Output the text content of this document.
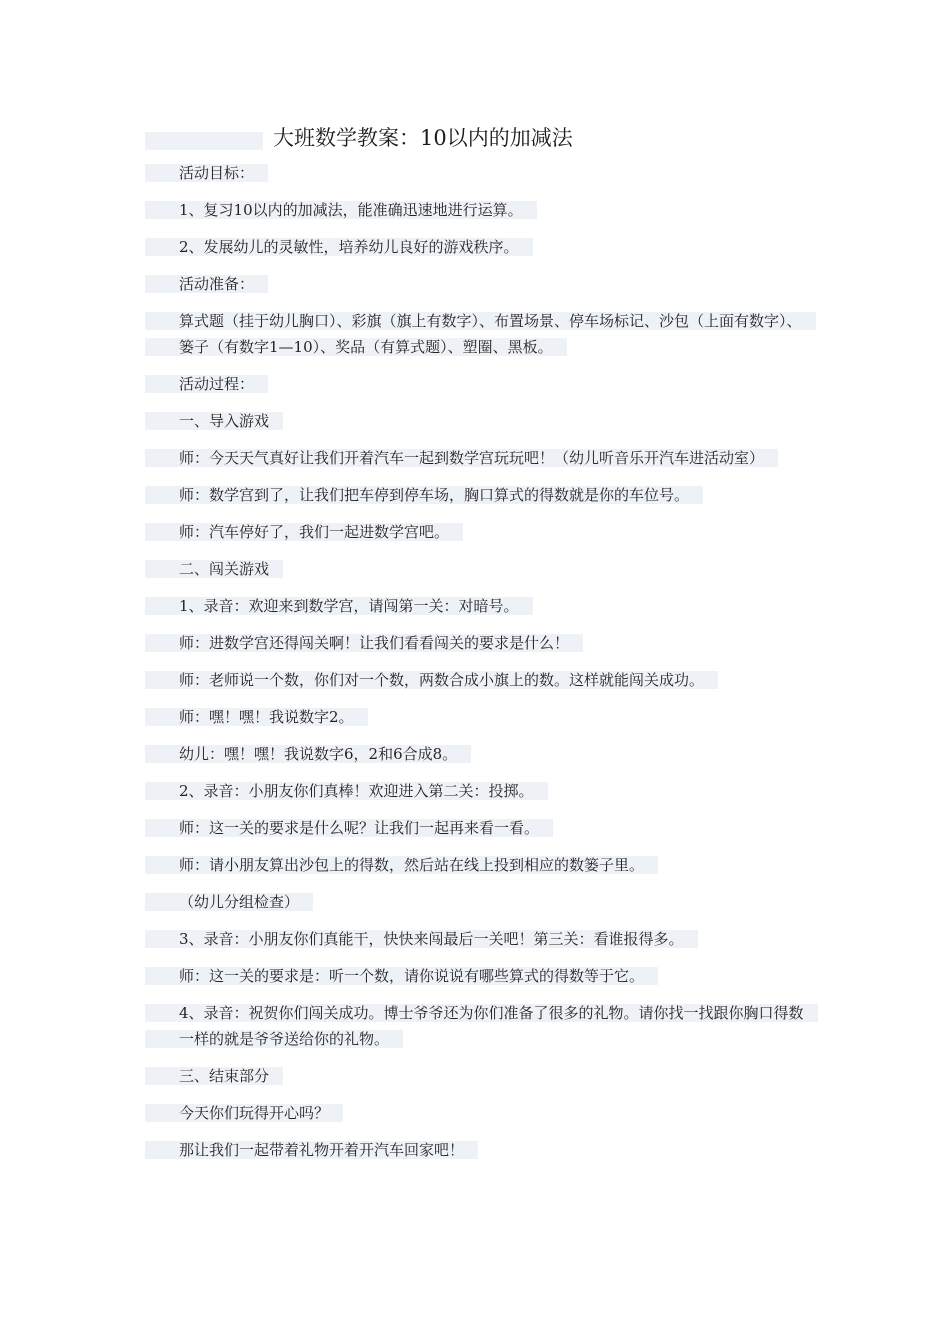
大班数学教案：10以内的加减法

活动目标：

1、复习10以内的加减法，能准确迅速地进行运算。

2、发展幼儿的灵敏性，培养幼儿良好的游戏秩序。

活动准备：

算式题（挂于幼儿胸口）、彩旗（旗上有数字）、布置场景、停车场标记、沙包（上面有数字）、篓子（有数字1—10）、奖品（有算式题）、塑圈、黑板。

活动过程：

一、导入游戏

师：今天天气真好让我们开着汽车一起到数学宫玩玩吧！（幼儿听音乐开汽车进活动室）

师：数学宫到了，让我们把车停到停车场，胸口算式的得数就是你的车位号。

师：汽车停好了，我们一起进数学宫吧。

二、闯关游戏

1、录音：欢迎来到数学宫，请闯第一关：对暗号。

师：进数学宫还得闯关啊！让我们看看闯关的要求是什么！

师：老师说一个数，你们对一个数，两数合成小旗上的数。这样就能闯关成功。

师：嘿！嘿！我说数字2。

幼儿：嘿！嘿！我说数字6，2和6合成8。

2、录音：小朋友你们真棒！欢迎进入第二关：投掷。

师：这一关的要求是什么呢？让我们一起再来看一看。

师：请小朋友算出沙包上的得数，然后站在线上投到相应的数篓子里。

（幼儿分组检查）

3、录音：小朋友你们真能干，快快来闯最后一关吧！第三关：看谁报得多。

师：这一关的要求是：听一个数，请你说说有哪些算式的得数等于它。

4、录音：祝贺你们闯关成功。博士爷爷还为你们准备了很多的礼物。请你找一找跟你胸口得数一样的就是爷爷送给你的礼物。

三、结束部分

今天你们玩得开心吗？

那让我们一起带着礼物开着开汽车回家吧！
